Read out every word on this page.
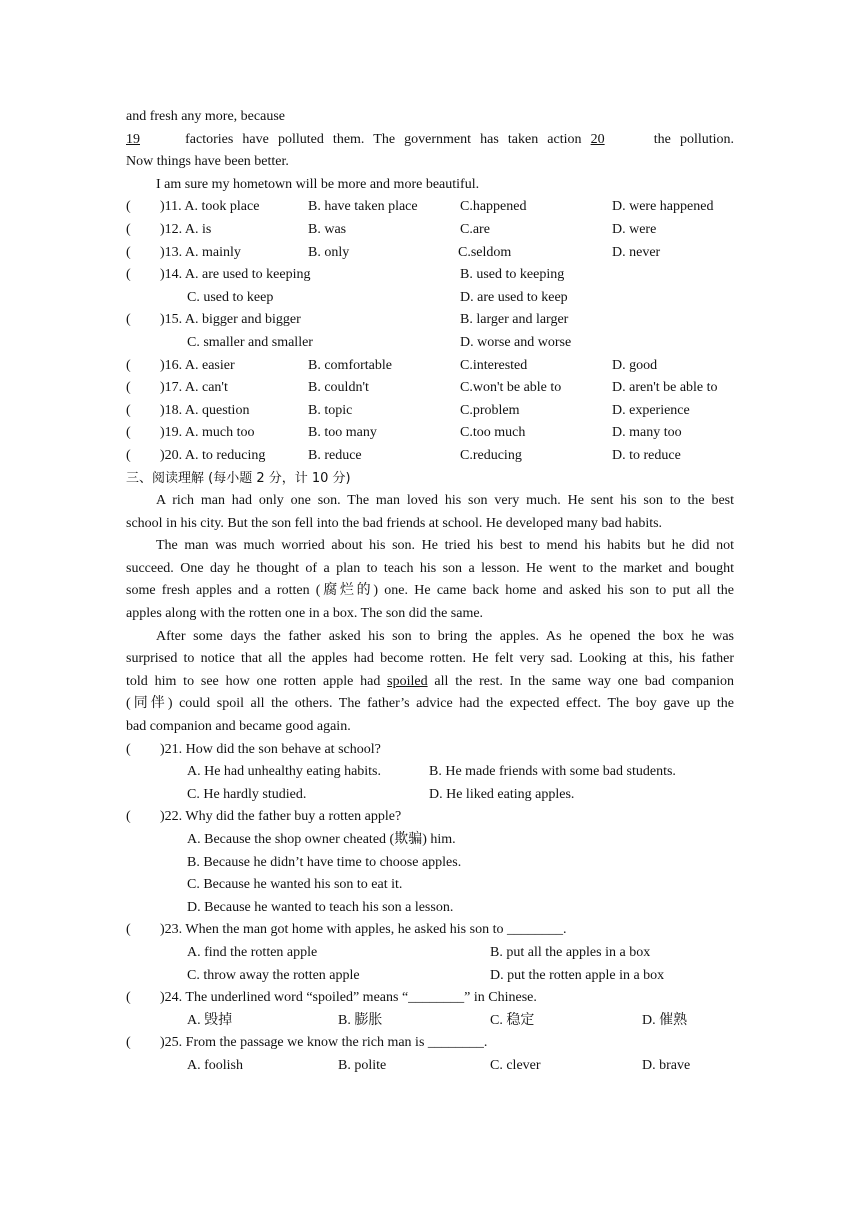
and fresh any more, because
19	factories have polluted them. The government has taken action 20	the pollution.
Now things have been better.
I am sure my hometown will be more and more beautiful.
( )11. A. took place	B. have taken place	C.happened	D. were happened
( )12. A. is	B. was	C.are	D. were
( )13. A. mainly	B. only	C.seldom	D. never
( )14. A. are used to keeping	B. used to keeping
C. used to keep	D. are used to keep
( )15. A. bigger and bigger	B. larger and larger
C. smaller and smaller	D. worse and worse
( )16. A. easier	B. comfortable	C.interested	D. good
( )17. A. can't	B. couldn't	C.won't be able to	D. aren't be able to
( )18. A. question	B. topic	C.problem	D. experience
( )19. A. much too	B. too many	C.too much	D. many too
( )20. A. to reducing	B. reduce	C.reducing	D. to reduce
三、阅读理解 (每小题 2 分，计 10 分)
A rich man had only one son. The man loved his son very much. He sent his son to the best
school in his city. But the son fell into the bad friends at school. He developed many bad habits.
The man was much worried about his son. He tried his best to mend his habits but he did not
succeed. One day he thought of a plan to teach his son a lesson. He went to the market and bought
some fresh apples and a rotten (腐烂的) one. He came back home and asked his son to put all the
apples along with the rotten one in a box. The son did the same.
After some days the father asked his son to bring the apples. As he opened the box he was
surprised to notice that all the apples had become rotten. He felt very sad. Looking at this, his father
told him to see how one rotten apple had spoiled all the rest. In the same way one bad companion
(同伴) could spoil all the others. The father’s advice had the expected effect. The boy gave up the
bad companion and became good again.
( )21. How did the son behave at school?
A. He had unhealthy eating habits.	B. He made friends with some bad students.
C. He hardly studied.	D. He liked eating apples.
( )22. Why did the father buy a rotten apple?
A. Because the shop owner cheated (欺骗) him.
B. Because he didn’t have time to choose apples.
C. Because he wanted his son to eat it.
D. Because he wanted to teach his son a lesson.
( )23. When the man got home with apples, he asked his son to ________.
A. find the rotten apple	B. put all the apples in a box
C. throw away the rotten apple	D. put the rotten apple in a box
( )24. The underlined word “spoiled” means “________” in Chinese.
A. 毁掉	B. 膨胀	C. 稳定	D. 催熟
( )25. From the passage we know the rich man is ________.
A. foolish	B. polite	C. clever	D. brave
